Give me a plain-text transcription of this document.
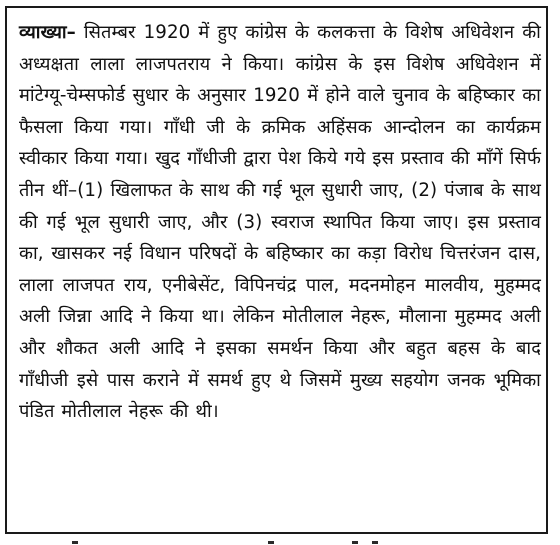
व्याख्या– सितम्बर 1920 में हुए कांग्रेस के कलकत्ता के विशेष अधिवेशन की अध्यक्षता लाला लाजपतराय ने किया। कांग्रेस के इस विशेष अधिवेशन में मांटेग्यू-चेम्सफोर्ड सुधार के अनुसार 1920 में होने वाले चुनाव के बहिष्कार का फैसला किया गया। गाँधी जी के क्रमिक अहिंसक आन्दोलन का कार्यक्रम स्वीकार किया गया। खुद गाँधीजी द्वारा पेश किये गये इस प्रस्ताव की माँगें सिर्फ तीन थीं–(1) खिलाफत के साथ की गई भूल सुधारी जाए, (2) पंजाब के साथ की गई भूल सुधारी जाए, और (3) स्वराज स्थापित किया जाए। इस प्रस्ताव का, खासकर नई विधान परिषदों के बहिष्कार का कड़ा विरोध चित्तरंजन दास, लाला लाजपत राय, एनीबेसेंट, विपिनचंद्र पाल, मदनमोहन मालवीय, मुहम्मद अली जिन्ना आदि ने किया था। लेकिन मोतीलाल नेहरू, मौलाना मुहम्मद अली और शौकत अली आदि ने इसका समर्थन किया और बहुत बहस के बाद गाँधीजी इसे पास कराने में समर्थ हुए थे जिसमें मुख्य सहयोग जनक भूमिका पंडित मोतीलाल नेहरू की थी।
